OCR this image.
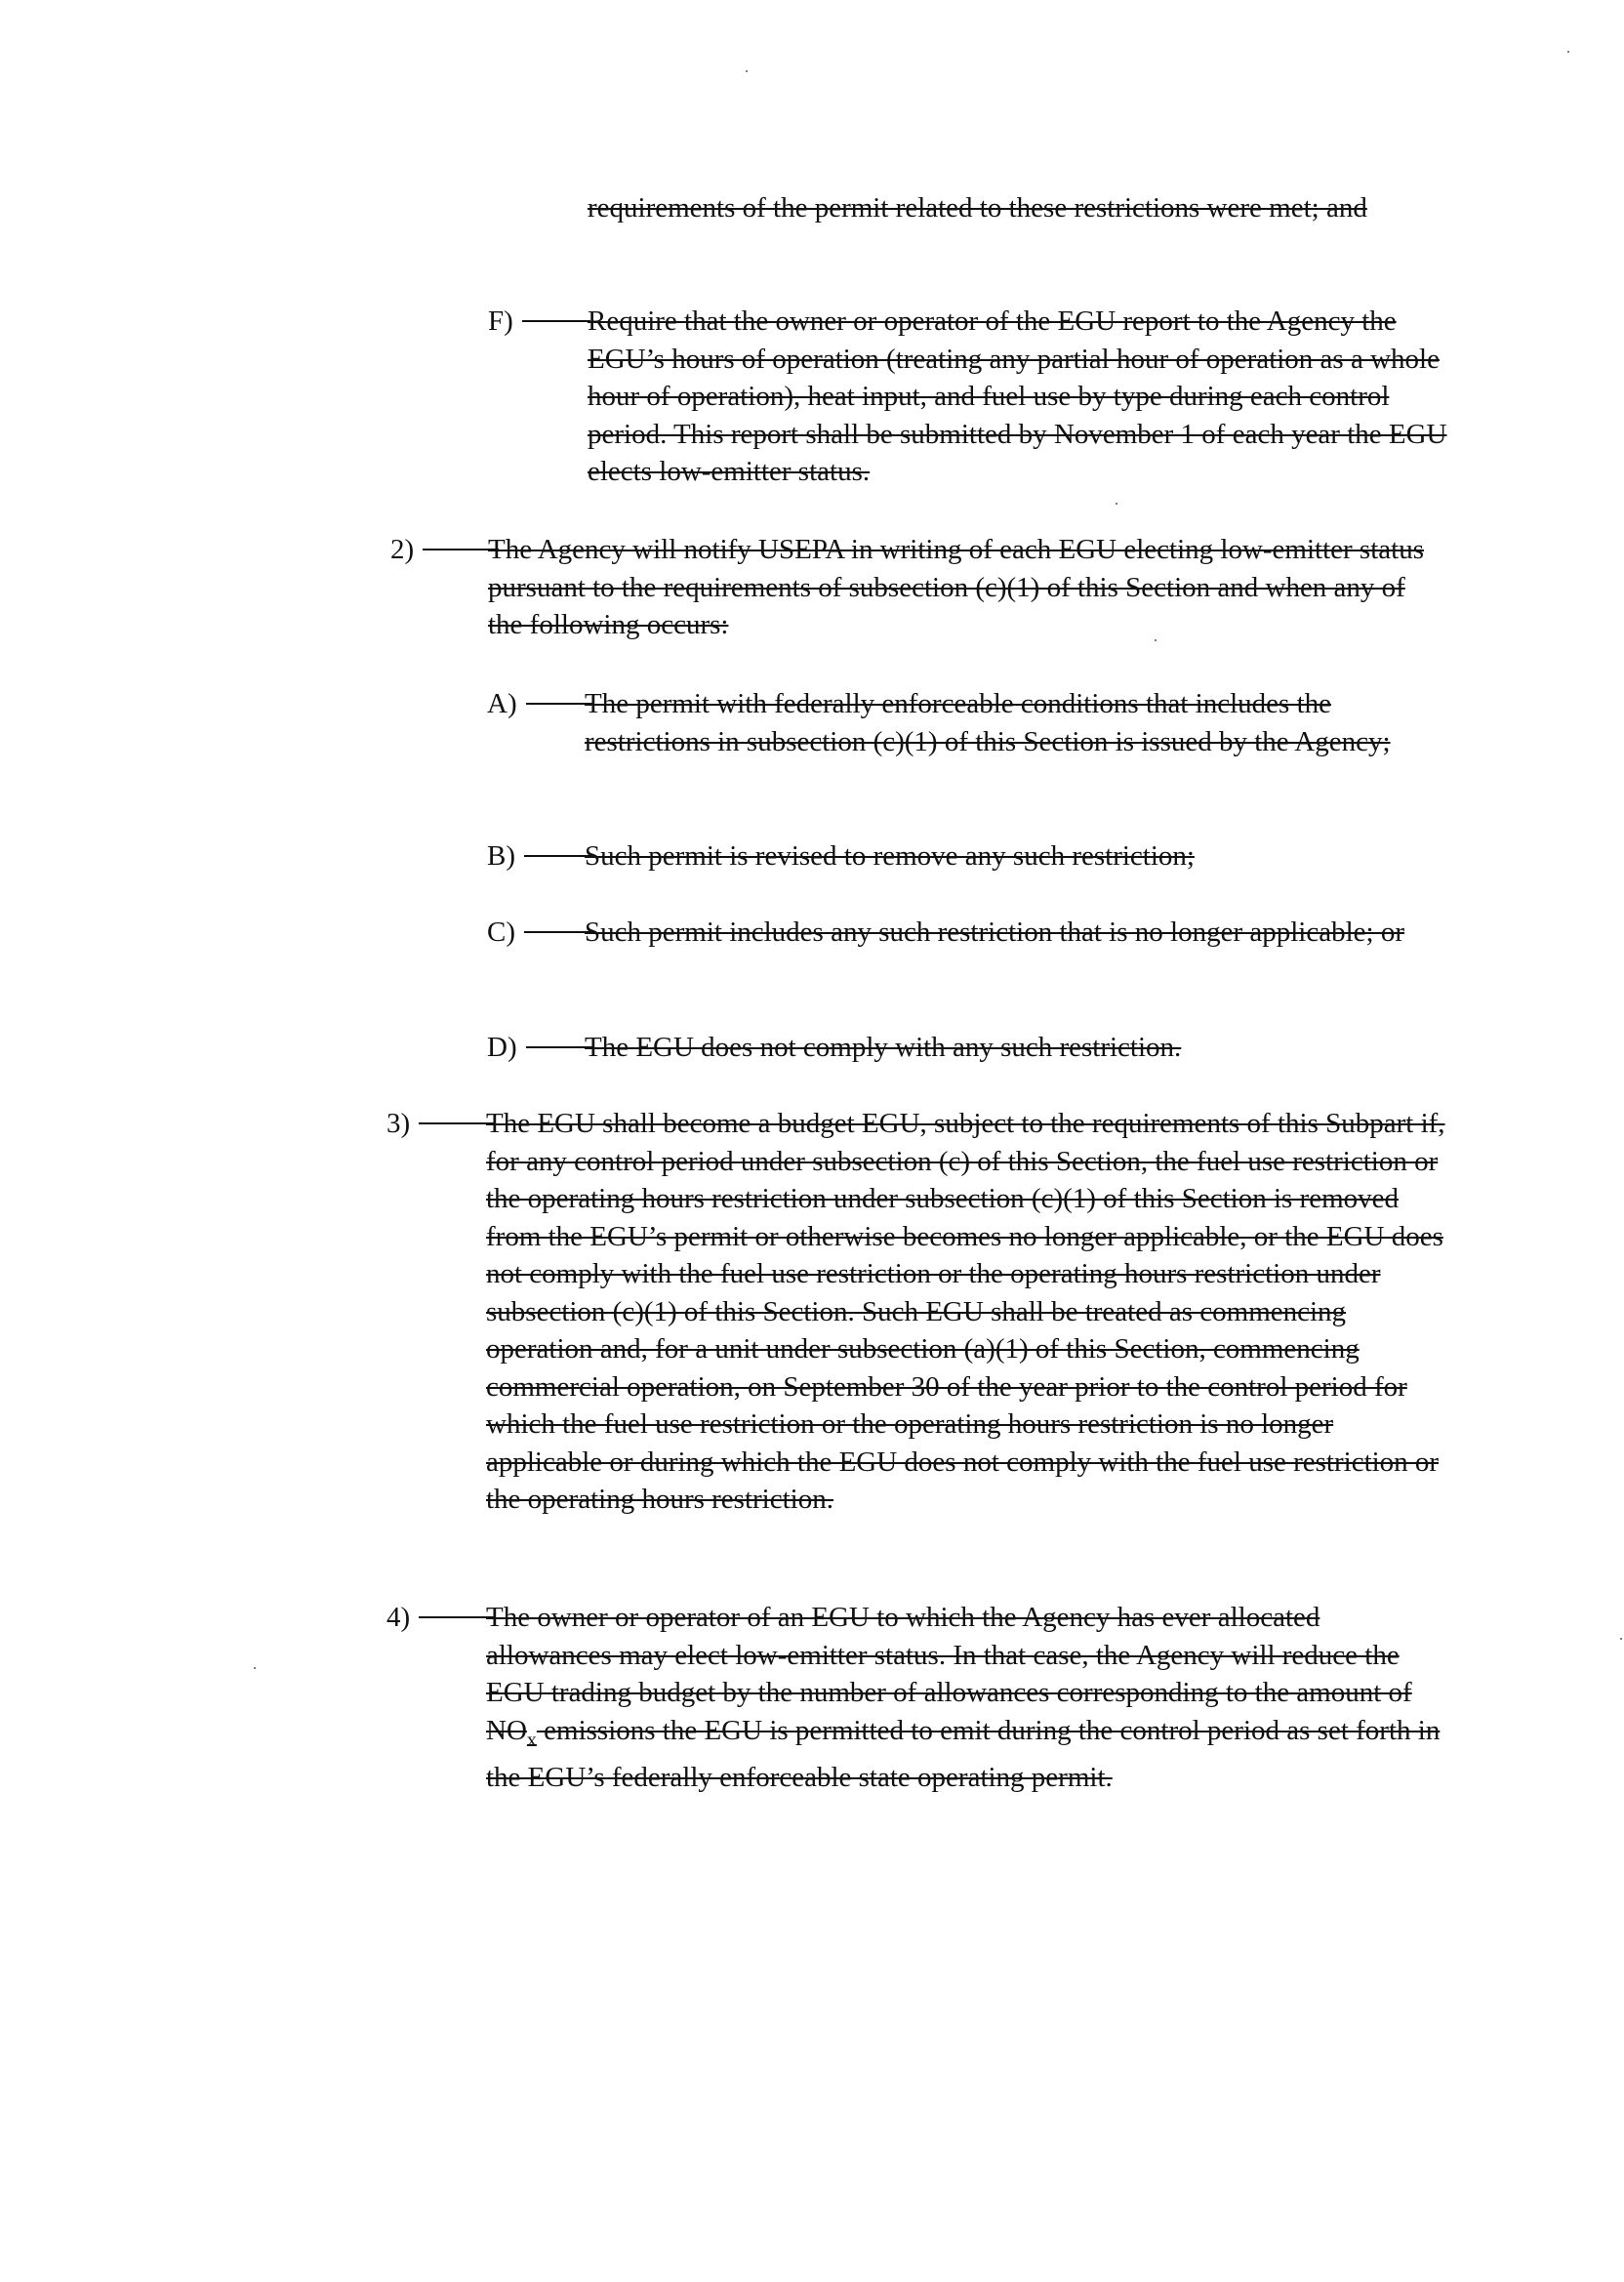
requirements of the permit related to these restrictions were met; and
F)	Require that the owner or operator of the EGU report to the Agency the EGU’s hours of operation (treating any partial hour of operation as a whole hour of operation), heat input, and fuel use by type during each control period. This report shall be submitted by November 1 of each year the EGU elects low-emitter status.
2)	The Agency will notify USEPA in writing of each EGU electing low-emitter status pursuant to the requirements of subsection (c)(1) of this Section and when any of the following occurs:
A)	The permit with federally enforceable conditions that includes the restrictions in subsection (c)(1) of this Section is issued by the Agency;
B)	Such permit is revised to remove any such restriction;
C)	Such permit includes any such restriction that is no longer applicable; or
D)	The EGU does not comply with any such restriction.
3)	The EGU shall become a budget EGU, subject to the requirements of this Subpart if, for any control period under subsection (c) of this Section, the fuel use restriction or the operating hours restriction under subsection (c)(1) of this Section is removed from the EGU’s permit or otherwise becomes no longer applicable, or the EGU does not comply with the fuel use restriction or the operating hours restriction under subsection (c)(1) of this Section. Such EGU shall be treated as commencing operation and, for a unit under subsection (a)(1) of this Section, commencing commercial operation, on September 30 of the year prior to the control period for which the fuel use restriction or the operating hours restriction is no longer applicable or during which the EGU does not comply with the fuel use restriction or the operating hours restriction.
4)	The owner or operator of an EGU to which the Agency has ever allocated allowances may elect low-emitter status. In that case, the Agency will reduce the EGU trading budget by the number of allowances corresponding to the amount of $NO_x$ emissions the EGU is permitted to emit during the control period as set forth in the EGU’s federally enforceable state operating permit.
